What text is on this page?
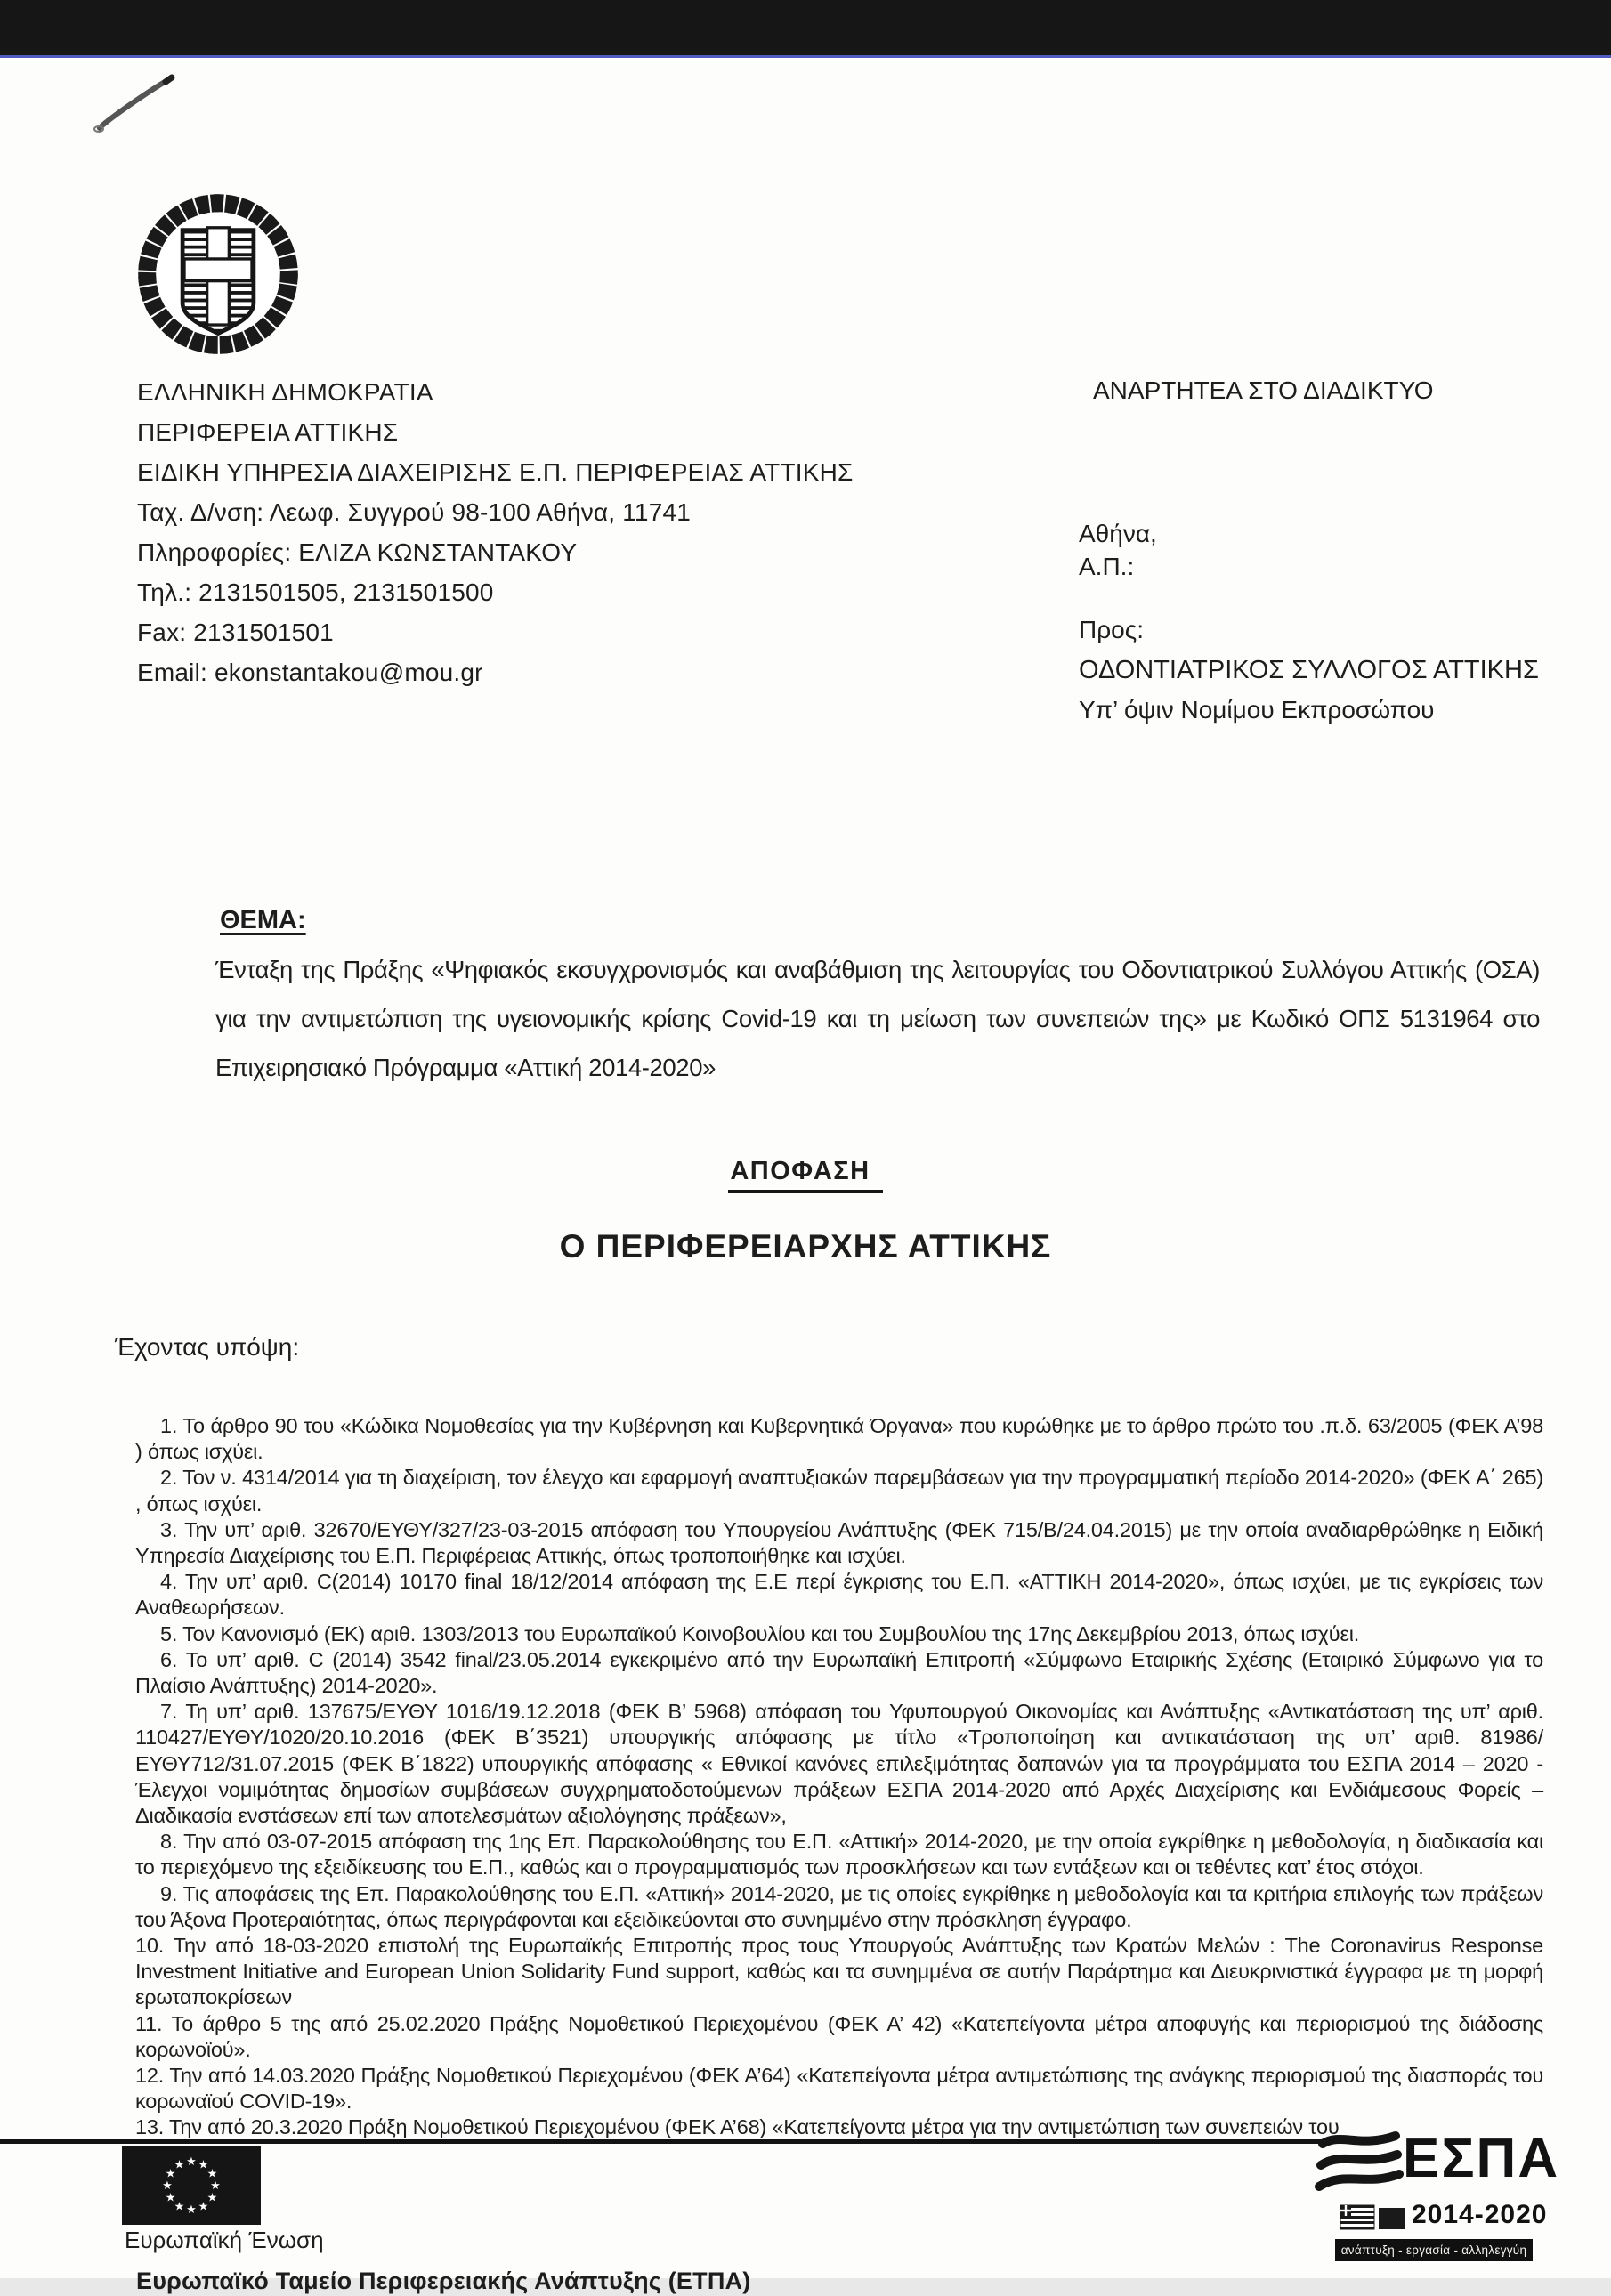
ΕΛΛΗΝΙΚΗ ΔΗΜΟΚΡΑΤΙΑ
ΠΕΡΙΦΕΡΕΙΑ ΑΤΤΙΚΗΣ
ΕΙΔΙΚΗ ΥΠΗΡΕΣΙΑ ΔΙΑΧΕΙΡΙΣΗΣ Ε.Π. ΠΕΡΙΦΕΡΕΙΑΣ ΑΤΤΙΚΗΣ
Ταχ. Δ/νση: Λεωφ. Συγγρού 98-100 Αθήνα, 11741
Πληροφορίες: ΕΛΙΖΑ ΚΩΝΣΤΑΝΤΑΚΟΥ
Τηλ.: 2131501505, 2131501500
Fax: 2131501501
Email: ekonstantakou@mou.gr
ΑΝΑΡΤΗΤΕΑ ΣΤΟ ΔΙΑΔΙΚΤΥΟ
Αθήνα,
Α.Π.:
Προς:
ΟΔΟΝΤΙΑΤΡΙΚΟΣ ΣΥΛΛΟΓΟΣ ΑΤΤΙΚΗΣ
Υπ’ όψιν Νομίμου Εκπροσώπου
ΘΕΜΑ:
Ένταξη της Πράξης «Ψηφιακός εκσυγχρονισμός και αναβάθμιση της λειτουργίας του Οδοντιατρικού Συλλόγου Αττικής (ΟΣΑ) για την αντιμετώπιση της υγειονομικής κρίσης Covid-19 και τη μείωση των συνεπειών της» με Κωδικό ΟΠΣ 5131964 στο Επιχειρησιακό Πρόγραμμα «Αττική 2014-2020»
ΑΠΟΦΑΣΗ
Ο ΠΕΡΙΦΕΡΕΙΑΡΧΗΣ ΑΤΤΙΚΗΣ
Έχοντας υπόψη:
1. Το άρθρο 90 του «Κώδικα Νομοθεσίας για την Κυβέρνηση και Κυβερνητικά Όργανα» που κυρώθηκε με το άρθρο πρώτο του .π.δ. 63/2005 (ΦΕΚ Α’98 ) όπως ισχύει.
2. Τον ν. 4314/2014 για τη διαχείριση, τον έλεγχο και εφαρμογή αναπτυξιακών παρεμβάσεων για την προγραμματική περίοδο 2014-2020» (ΦΕΚ Α΄ 265) , όπως ισχύει.
3. Την υπ’ αριθ. 32670/ΕΥΘΥ/327/23-03-2015 απόφαση του Υπουργείου Ανάπτυξης (ΦΕΚ 715/Β/24.04.2015) με την οποία αναδιαρθρώθηκε η Ειδική Υπηρεσία Διαχείρισης του Ε.Π. Περιφέρειας Αττικής, όπως τροποποιήθηκε και ισχύει.
4. Την υπ’ αριθ. C(2014) 10170 final 18/12/2014 απόφαση της Ε.Ε περί έγκρισης του Ε.Π. «ΑΤΤΙΚΗ 2014-2020», όπως ισχύει, με τις εγκρίσεις των Αναθεωρήσεων.
5. Τον Κανονισμό (ΕΚ) αριθ. 1303/2013 του Ευρωπαϊκού Κοινοβουλίου και του Συμβουλίου της 17ης Δεκεμβρίου 2013, όπως ισχύει.
6. Το υπ’ αριθ. C (2014) 3542 final/23.05.2014 εγκεκριμένο από την Ευρωπαϊκή Επιτροπή «Σύμφωνο Εταιρικής Σχέσης (Εταιρικό Σύμφωνο για το Πλαίσιο Ανάπτυξης) 2014-2020».
7. Τη υπ’ αριθ. 137675/ΕΥΘΥ 1016/19.12.2018 (ΦΕΚ Β’ 5968) απόφαση του Υφυπουργού Οικονομίας και Ανάπτυξης «Αντικατάσταση της υπ’ αριθ. 110427/ΕΥΘΥ/1020/20.10.2016 (ΦΕΚ Β΄3521) υπουργικής απόφασης με τίτλο «Τροποποίηση και αντικατάσταση της υπ’ αριθ. 81986/ΕΥΘΥ712/31.07.2015 (ΦΕΚ Β΄1822) υπουργικής απόφασης « Εθνικοί κανόνες επιλεξιμότητας δαπανών για τα προγράμματα του ΕΣΠΑ 2014 – 2020 - Έλεγχοι νομιμότητας δημοσίων συμβάσεων συγχρηματοδοτούμενων πράξεων ΕΣΠΑ 2014-2020 από Αρχές Διαχείρισης και Ενδιάμεσους Φορείς – Διαδικασία ενστάσεων επί των αποτελεσμάτων αξιολόγησης πράξεων»,
8. Την από 03-07-2015 απόφαση της 1ης Επ. Παρακολούθησης του Ε.Π. «Αττική» 2014-2020, με την οποία εγκρίθηκε η μεθοδολογία, η διαδικασία και το περιεχόμενο της εξειδίκευσης του Ε.Π., καθώς και ο προγραμματισμός των προσκλήσεων και των εντάξεων και οι τεθέντες κατ’ έτος στόχοι.
9. Τις αποφάσεις της Επ. Παρακολούθησης του Ε.Π. «Αττική» 2014-2020, με τις οποίες εγκρίθηκε η μεθοδολογία και τα κριτήρια επιλογής των πράξεων του Άξονα Προτεραιότητας, όπως περιγράφονται και εξειδικεύονται στο συνημμένο στην πρόσκληση έγγραφο.
10. Την από 18-03-2020 επιστολή της Ευρωπαϊκής Επιτροπής προς τους Υπουργούς Ανάπτυξης των Κρατών Μελών : The Coronavirus Response Investment Initiative and European Union Solidarity Fund support, καθώς και τα συνημμένα σε αυτήν Παράρτημα και Διευκρινιστικά έγγραφα με τη μορφή ερωταποκρίσεων
11. Το άρθρο 5 της από 25.02.2020 Πράξης Νομοθετικού Περιεχομένου (ΦΕΚ Α’ 42) «Κατεπείγοντα μέτρα αποφυγής και περιορισμού της διάδοσης κορωνοϊού».
12. Την από 14.03.2020 Πράξης Νομοθετικού Περιεχομένου (ΦΕΚ Α’64) «Κατεπείγοντα μέτρα αντιμετώπισης της ανάγκης περιορισμού της διασποράς του κορωναϊού COVID-19».
13. Την από 20.3.2020 Πράξη Νομοθετικού Περιεχομένου (ΦΕΚ Α’68) «Κατεπείγοντα μέτρα για την αντιμετώπιση των συνεπειών του
★ ★
★
★
★
★
★
★
★
★
★
★
Ευρωπαϊκή Ένωση
ΕΣΠΑ
2014-2020
ανάπτυξη - εργασία - αλληλεγγύη
Ευρωπαϊκό Ταμείο Περιφερειακής Ανάπτυξης (ΕΤΠΑ)
